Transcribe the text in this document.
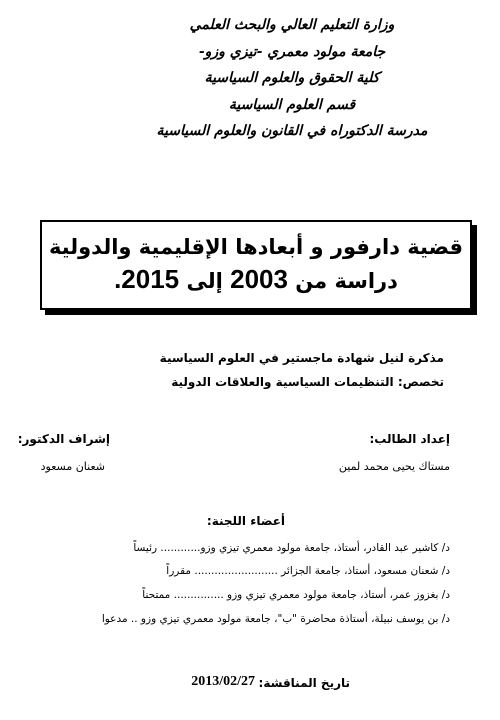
وزارة التعليم العالي والبحث العلمي
جامعة مولود معمري -تيزي وزو-
كلية الحقوق والعلوم السياسية
قسم العلوم السياسية
مدرسة الدكتوراه في القانون والعلوم السياسية
قضية دارفور و أبعادها الإقليمية والدولية
دراسة من 2003 إلى 2015.
مذكرة لنيل شهادة ماجستير في العلوم السياسية
تخصص: التنظيمات السياسية والعلاقات الدولية
إعداد الطالب:
مستاك يحيى محمد لمين
إشراف الدكتور:
شعنان مسعود
أعضاء اللجنة:
د/ كاشير عبد القادر، أستاذ، جامعة مولود معمري تيزي وزو............ رئيساً
د/ شعنان مسعود، أستاذ، جامعة الجزائر ......................... مقرراً
د/ بغزوز عمر، أستاذ، جامعة مولود معمري تيزي وزو ............... ممتحناً
د/ بن يوسف نبيلة، أستاذة محاضرة "ب"، جامعة مولود معمري تيزي وزو .. مدعوا
تاريخ المناقشة:
2013/02/27
